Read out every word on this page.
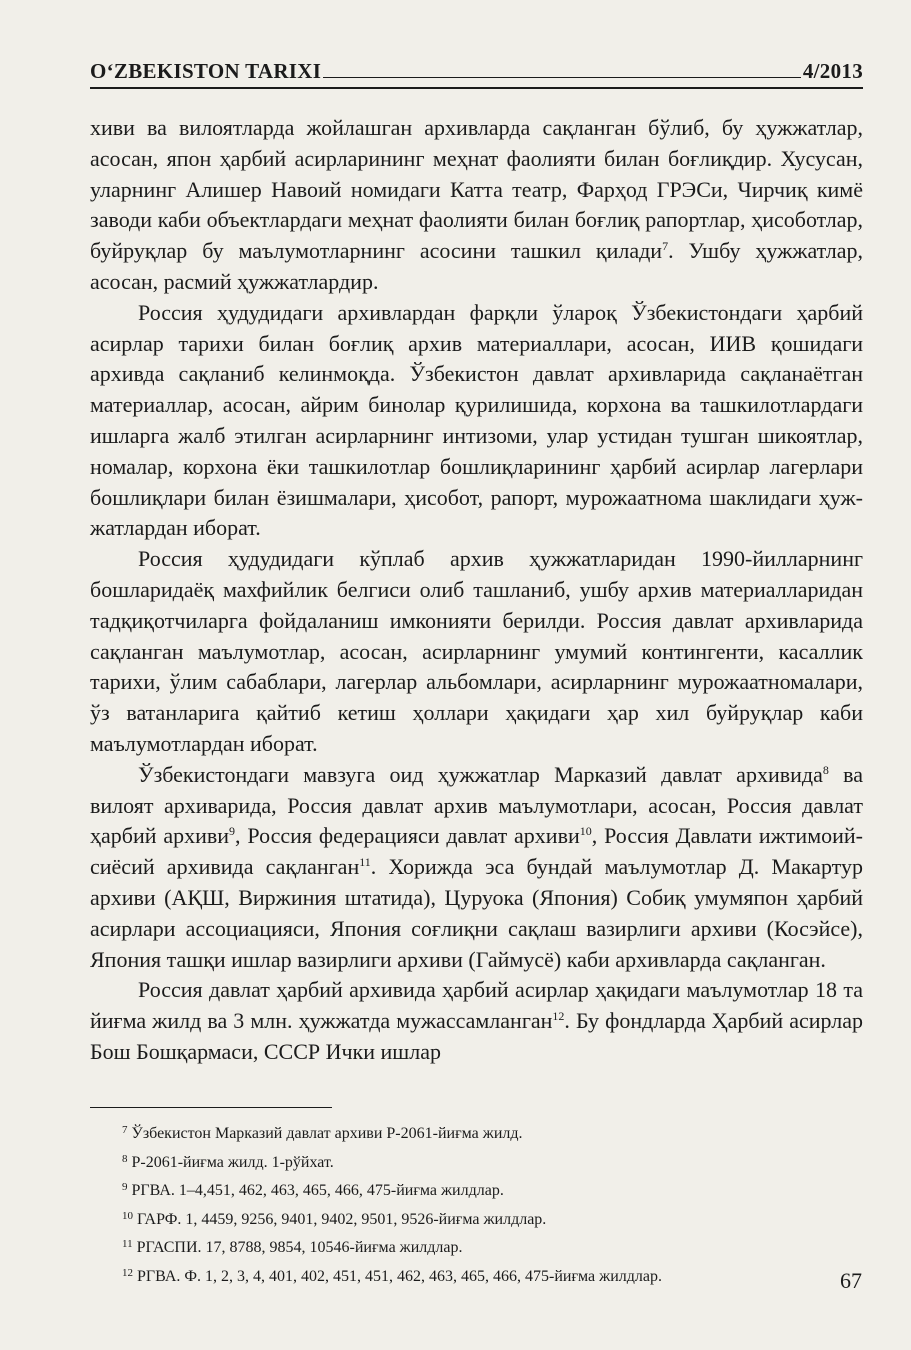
O‘ZBEKISTON TARIXI	4/2013

хиви ва вилоятларда жойлашган архивларда сақланган бўлиб, бу ҳужжатлар, асосан, япон ҳарбий асирларининг меҳнат фаолияти билан боғлиқдир. Хусусан, уларнинг Алишер Навоий номидаги Катта театр, Фарҳод ГРЭСи, Чирчиқ кимё заводи каби объектлардаги меҳнат фаолияти билан боғлиқ рапортлар, ҳисоботлар, буйруқлар бу маълумотларнинг асосини ташкил қилади$^7$. Ушбу ҳужжатлар, асосан, расмий ҳужжатлардир.

Россия ҳудудидаги архивлардан фарқли ўлароқ Ўзбекистондаги ҳарбий асирлар тарихи билан боғлиқ архив материаллари, асосан, ИИВ қошидаги архивда сақланиб келинмоқда. Ўзбекистон давлат архивларида сақланаётган материаллар, асосан, айрим бинолар қурилишида, корхона ва ташкилотлардаги ишларга жалб этилган асирларнинг интизоми, улар устидан тушган шикоятлар, номалар, корхона ёки ташкилотлар бошлиқларининг ҳарбий асирлар лагерлари бошлиқлари билан ёзишмалари, ҳисобот, рапорт, мурожаатнома шаклидаги ҳужжатлардан иборат.

Россия ҳудудидаги кўплаб архив ҳужжатларидан 1990-йилларнинг бошларидаёқ махфийлик белгиси олиб ташланиб, ушбу архив материалларидан тадқиқотчиларга фойдаланиш имконияти берилди. Россия давлат архивларида сақланган маълумотлар, асосан, асирларнинг умумий контингенти, касаллик тарихи, ўлим сабаблари, лагерлар альбомлари, асирларнинг мурожаатномалари, ўз ватанларига қайтиб кетиш ҳоллари ҳақидаги ҳар хил буйруқлар каби маълумотлардан иборат.

Ўзбекистондаги мавзуга оид ҳужжатлар Марказий давлат архивида$^8$ ва вилоят архиварида, Россия давлат архив маълумотлари, асосан, Россия давлат ҳарбий архиви$^9$, Россия федерацияси давлат архиви$^{10}$, Россия Давлати ижтимоий-сиёсий архивида сақланган$^{11}$. Хорижда эса бундай маълумотлар Д. Макартур архиви (АҚШ, Виржиния штатида), Цуруока (Япония) Собиқ умумяпон ҳарбий асирлари ассоциацияси, Япония соғлиқни сақлаш вазирлиги архиви (Косэйсе), Япония ташқи ишлар вазирлиги архиви (Гаймусё) каби архивларда сақланган.

Россия давлат ҳарбий архивида ҳарбий асирлар ҳақидаги маълумотлар 18 та йиғма жилд ва 3 млн. ҳужжатда мужассамланган$^{12}$. Бу фондларда Ҳарбий асирлар Бош Бошқармаси, СССР Ички ишлар

$^7$ Ўзбекистон Марказий давлат архиви Р-2061-йиғма жилд.
$^8$ Р-2061-йиғма жилд. 1-рўйхат.
$^9$ РГВА. 1–4,451, 462, 463, 465, 466, 475-йиғма жилдлар.
$^{10}$ ГАРФ. 1, 4459, 9256, 9401, 9402, 9501, 9526-йиғма жилдлар.
$^{11}$ РГАСПИ. 17, 8788, 9854, 10546-йиғма жилдлар.
$^{12}$ РГВА. Ф. 1, 2, 3, 4, 401, 402, 451, 451, 462, 463, 465, 466, 475-йиғма жилдлар.	67
